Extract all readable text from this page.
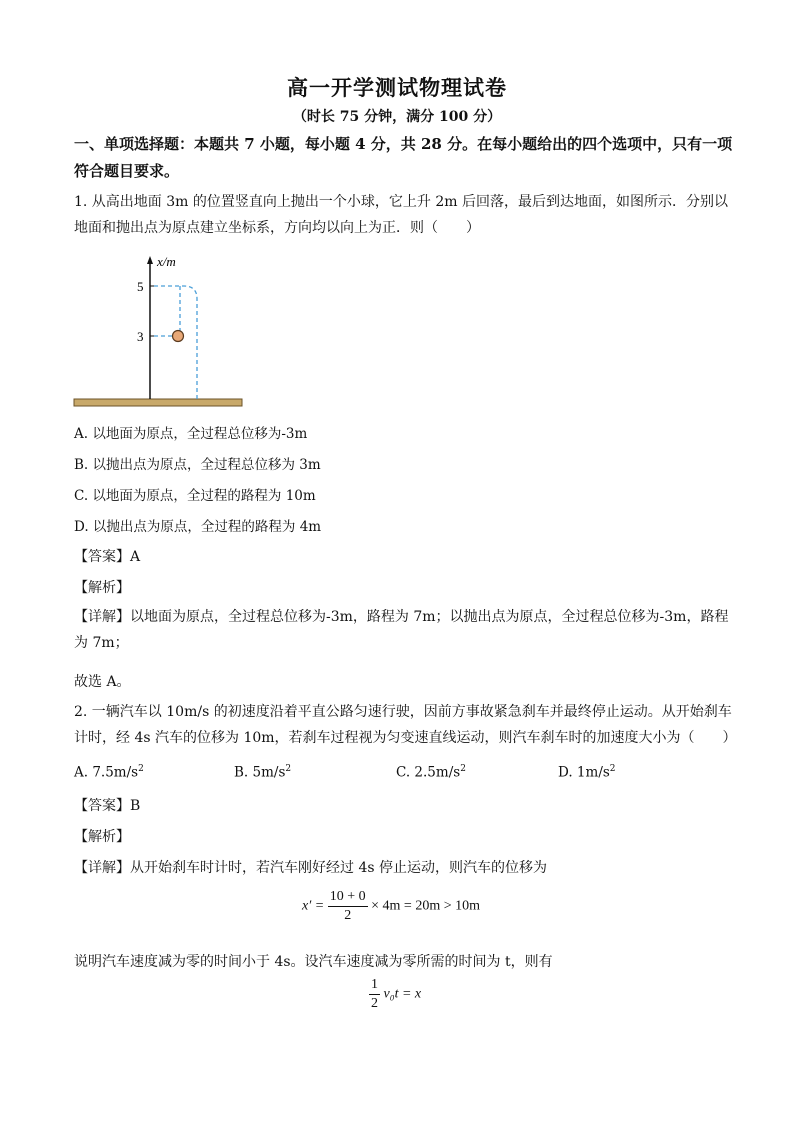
高一开学测试物理试卷
（时长 75 分钟，满分 100 分）
一、单项选择题：本题共 7 小题，每小题 4 分，共 28 分。在每小题给出的四个选项中，只有一项符合题目要求。
1. 从高出地面 3m 的位置竖直向上抛出一个小球，它上升 2m 后回落，最后到达地面，如图所示．分别以地面和抛出点为原点建立坐标系，方向均以向上为正．则（　　）
x/m
5
3
A. 以地面为原点，全过程总位移为-3m
B. 以抛出点为原点，全过程总位移为 3m
C. 以地面为原点，全过程的路程为 10m
D. 以抛出点为原点，全过程的路程为 4m
【答案】A
【解析】
【详解】以地面为原点，全过程总位移为-3m，路程为 7m；以抛出点为原点，全过程总位移为-3m，路程为 7m；
故选 A。
2. 一辆汽车以 10m/s 的初速度沿着平直公路匀速行驶，因前方事故紧急刹车并最终停止运动。从开始刹车计时，经 4s 汽车的位移为 10m，若刹车过程视为匀变速直线运动，则汽车刹车时的加速度大小为（　　）
A. $7.5m/s^2$	B. $5m/s^2$	C. $2.5m/s^2$	D. $1m/s^2$
【答案】B
【解析】
【详解】从开始刹车时计时，若汽车刚好经过 4s 停止运动，则汽车的位移为
$x' = \frac{10 + 0}{2} \times 4m = 20m > 10m$
说明汽车速度减为零的时间小于 4s。设汽车速度减为零所需的时间为 t，则有
$\frac{1}{2} v_0t = x$
